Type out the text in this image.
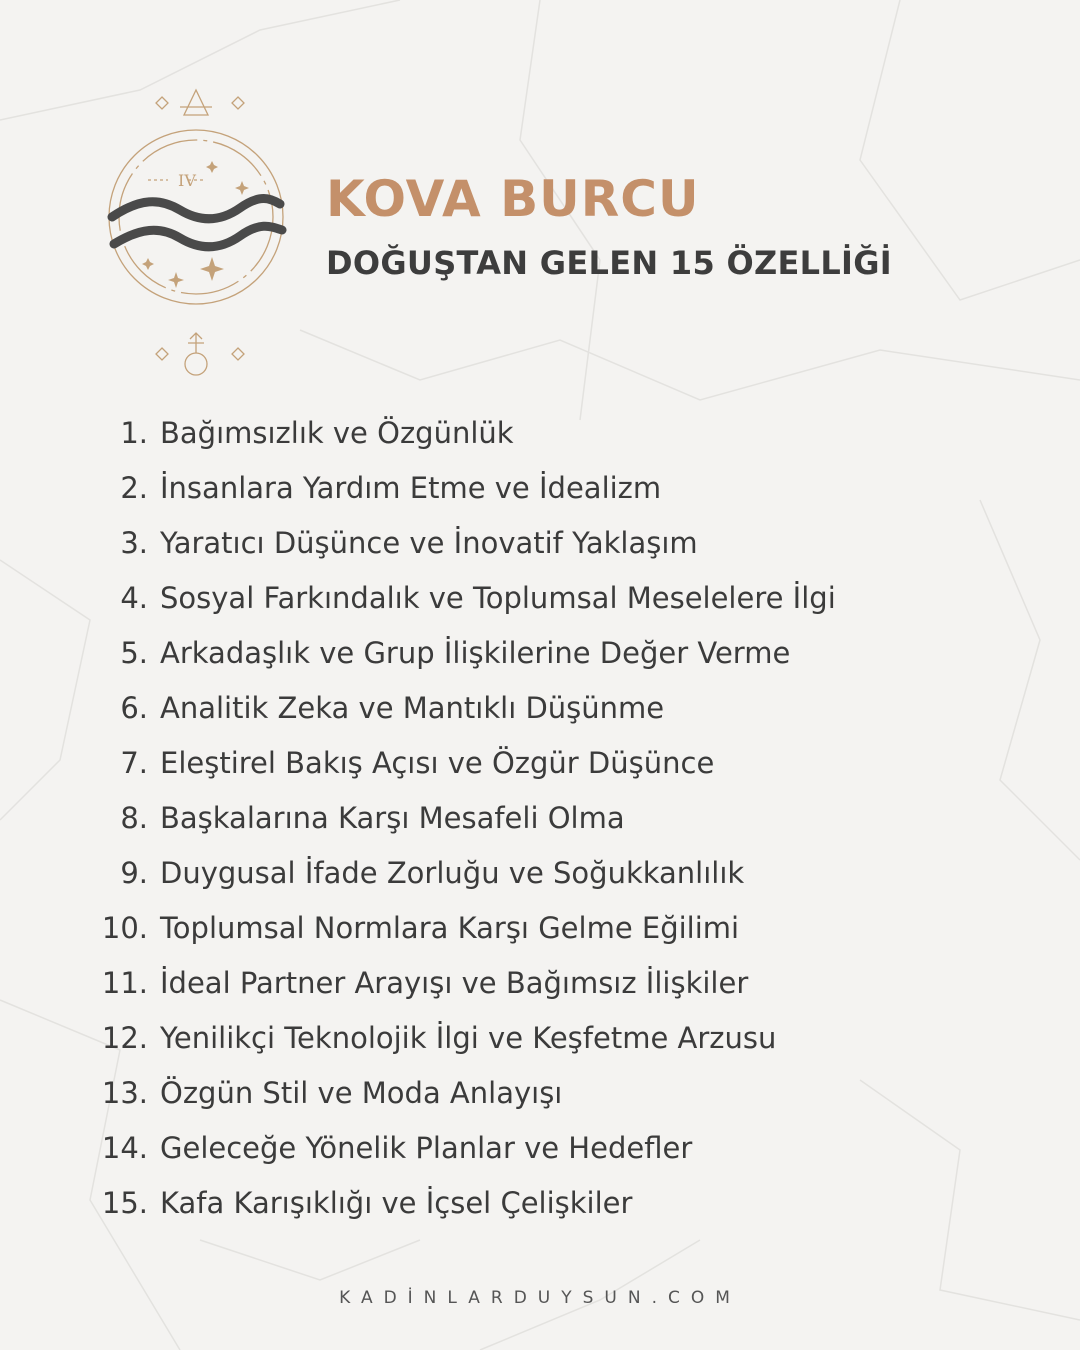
IV	KOVA BURCU
DOĞUŞTAN GELEN 15 ÖZELLİĞİ
1. Bağımsızlık ve Özgünlük
2. İnsanlara Yardım Etme ve İdealizm
3. Yaratıcı Düşünce ve İnovatif Yaklaşım
4. Sosyal Farkındalık ve Toplumsal Meselelere İlgi
5. Arkadaşlık ve Grup İlişkilerine Değer Verme
6. Analitik Zeka ve Mantıklı Düşünme
7. Eleştirel Bakış Açısı ve Özgür Düşünce
8. Başkalarına Karşı Mesafeli Olma
9. Duygusal İfade Zorluğu ve Soğukkanlılık
10. Toplumsal Normlara Karşı Gelme Eğilimi
11. İdeal Partner Arayışı ve Bağımsız İlişkiler
12. Yenilikçi Teknolojik İlgi ve Keşfetme Arzusu
13. Özgün Stil ve Moda Anlayışı
14. Geleceğe Yönelik Planlar ve Hedefler
15. Kafa Karışıklığı ve İçsel Çelişkiler
KADİNLARDUYSUN.COM
